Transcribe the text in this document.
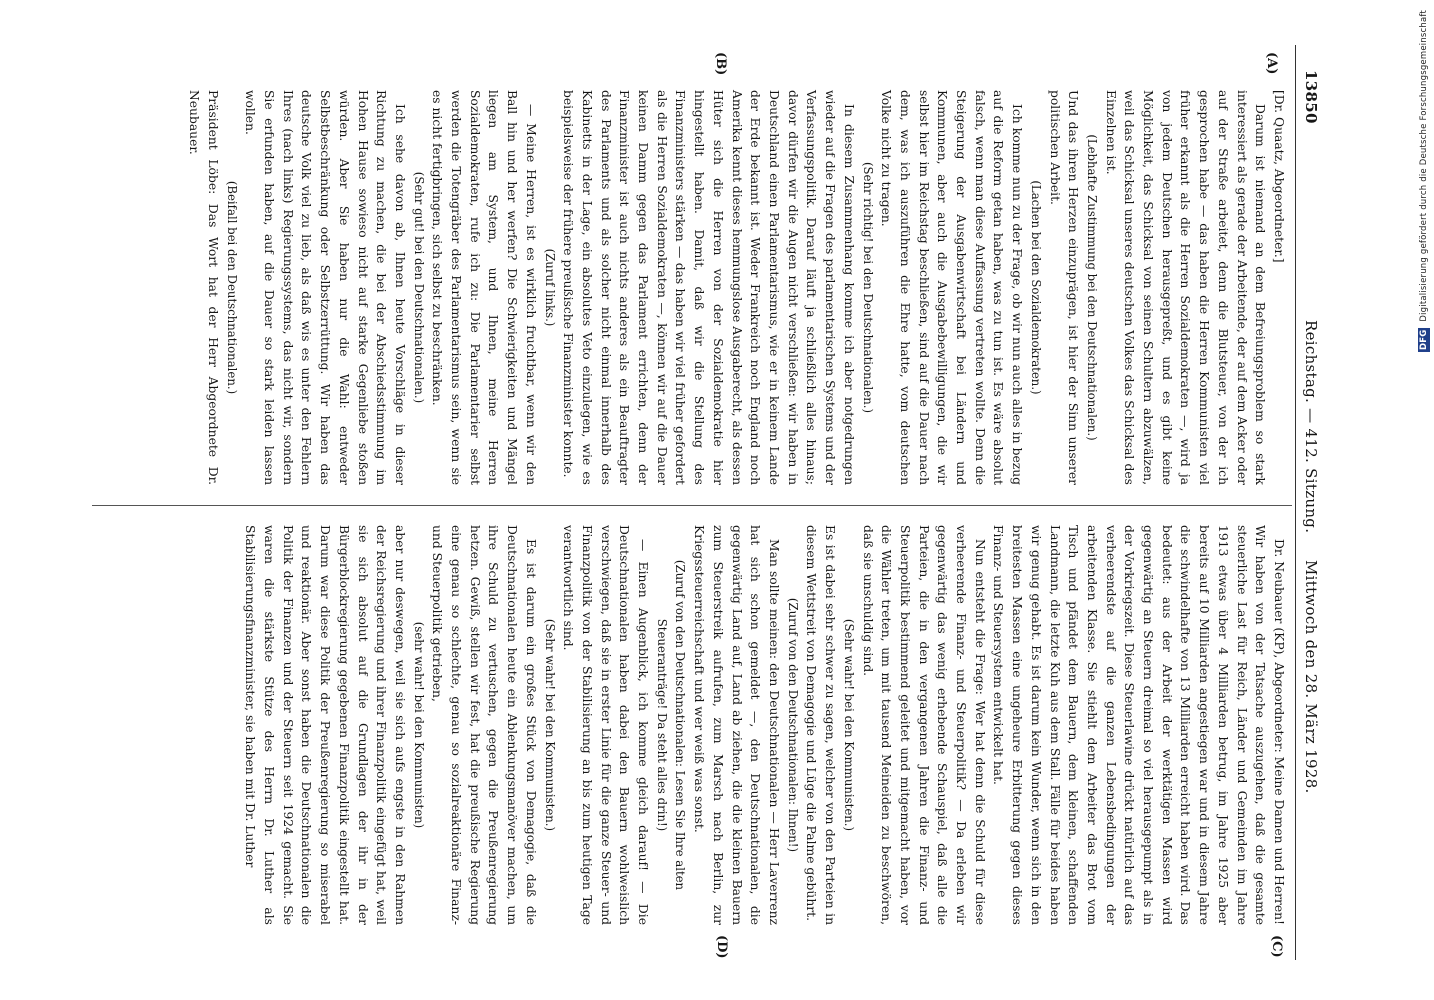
13850
Reichstag. — 412. Sitzung.
Mittwoch den 28. März 1928.
(A)
(B)
(C)
(D)

[Dr. Quaatz, Abgeordneter.]

Darum ist niemand an dem Befreiungsproblem so stark interessiert als gerade der Arbeitende, der auf dem Acker oder auf der Straße arbeitet, denn die Blutsteuer, von der ich gesprochen habe — das haben die Herren Kommunisten viel früher erkannt als die Herren Sozialdemokraten —, wird ja von jedem Deutschen herausgepreßt, und es gibt keine Möglichkeit, das Schicksal von seinen Schultern abzuwälzen, weil das Schicksal unseres deutschen Volkes das Schicksal des Einzelnen ist.

(Lebhafte Zustimmung bei den Deutschnationalen.)

Und das ihren Herzen einzuprägen, ist hier der Sinn unserer politischen Arbeit.

(Lachen bei den Sozialdemokraten.)

Ich komme nun zu der Frage, ob wir nun auch alles in bezug auf die Reform getan haben, was zu tun ist. Es wäre absolut falsch, wenn man diese Auffassung vertreten wollte. Denn die Steigerung der Ausgabenwirtschaft bei Ländern und Kommunen, aber auch die Ausgabebewilligungen, die wir selbst hier im Reichstag beschließen, sind auf die Dauer nach dem, was ich auszuführen die Ehre hatte, vom deutschen Volke nicht zu tragen.

(Sehr richtig! bei den Deutschnationalen.)

In diesem Zusammenhang komme ich aber notgedrungen wieder auf die Fragen des parlamentarischen Systems und der Verfassungspolitik. Darauf läuft ja schließlich alles hinaus; davor dürfen wir die Augen nicht verschließen: wir haben in Deutschland einen Parlamentarismus, wie er in keinem Lande der Erde bekannt ist. Weder Frankreich noch England noch Amerika kennt dieses hemmungslose Ausgaberecht, als dessen Hüter sich die Herren von der Sozialdemokratie hier hingestellt haben. Damit, daß wir die Stellung des Finanzministers stärken — das haben wir viel früher gefordert als die Herren Sozialdemokraten —, können wir auf die Dauer keinen Damm gegen das Parlament errichten, denn der Finanzminister ist auch nichts anderes als ein Beauftragter des Parlaments und als solcher nicht einmal innerhalb des Kabinetts in der Lage, ein absolutes Veto einzulegen, wie es beispielsweise der frühere preußische Finanzminister konnte.

(Zuruf links.)

— Meine Herren, ist es wirklich fruchtbar, wenn wir den Ball hin und her werfen? Die Schwierigkeiten und Mängel liegen am System, und Ihnen, meine Herren Sozialdemokraten, rufe ich zu: Die Parlamentarier selbst werden die Totengräber des Parlamentarismus sein, wenn sie es nicht fertigbringen, sich selbst zu beschränken.

(Sehr gut! bei den Deutschnationalen.)

Ich sehe davon ab, Ihnen heute Vorschläge in dieser Richtung zu machen, die bei der Abschiedsstimmung im Hohen Hause sowieso nicht auf starke Gegenliebe stoßen würden. Aber Sie haben nur die Wahl: entweder Selbstbeschränkung oder Selbstzerrüttung. Wir haben das deutsche Volk viel zu lieb, als daß wis es unter den Fehlern Ihres (nach links) Regierungssystems, das nicht wir, sondern Sie erfunden haben, auf die Dauer so stark leiden lassen wollen.

(Beifall bei den Deutschnationalen.)

Präsident Löbe: Das Wort hat der Herr Abgeordnete Dr. Neubauer.

Dr. Neubauer (KP), Abgeordneter: Meine Damen und Herren! Wir haben von der Tatsache auszugehen, daß die gesamte steuerliche Last für Reich, Länder und Gemeinden im Jahre 1913 etwas über 4 Milliarden betrug, im Jahre 1925 aber bereits auf 10 Milliarden angestiegen war und in diesem Jahre die schwindelhafte von 13 Milliarden erreicht haben wird. Das bedeutet: aus der Arbeit der werktätigen Massen wird gegenwärtig an Steuern dreimal so viel herausgepumpt als in der Vorkriegszeit. Diese Steuerlawine drückt natürlich auf das verheerendste auf die ganzen Lebensbedingungen der arbeitenden Klasse. Sie stiehlt dem Arbeiter das Brot vom Tisch und pfändet dem Bauern, dem kleinen, schaffenden Landmann, die letzte Kuh aus dem Stall. Fälle für beides haben wir genug gehabt. Es ist darum kein Wunder, wenn sich in den breitesten Massen eine ungeheure Erbitterung gegen dieses Finanz- und Steuersystem entwickelt hat.

Nun entsteht die Frage: Wer hat denn die Schuld für diese verheerende Finanz- und Steuerpolitik? — Da erleben wir gegenwärtig das wenig erhebende Schauspiel, daß alle die Parteien, die in den vergangenen Jahren die Finanz- und Steuerpolitik bestimmend geleitet und mitgemacht haben, vor die Wähler treten, um mit tausend Meineiden zu beschwören, daß sie unschuldig sind.

(Sehr wahr! bei den Kommunisten.)

Es ist dabei sehr schwer zu sagen, welcher von den Parteien in diesem Wettstreit von Demagogie und Lüge die Palme gebührt.

(Zuruf von den Deutschnationalen: Ihnen!)

Man sollte meinen: den Deutschnationalen — Herr Laverrenz hat sich schon gemeldet —, den Deutschnationalen, die gegenwärtig Land auf, Land ab ziehen, die die kleinen Bauern zum Steuerstreik aufrufen, zum Marsch nach Berlin, zur Kriegssteuerreichschaft und wer weiß was sonst.

(Zuruf von den Deutschnationalen: Lesen Sie Ihre alten Steueranträge! Da steht alles drin!)

— Einen Augenblick, ich komme gleich darauf! — Die Deutschnationalen haben dabei den Bauern wohlweislich verschwiegen, daß sie in erster Linie für die ganze Steuer- und Finanzpolitik von der Stabilisierung an bis zum heutigen Tage verantwortlich sind.

(Sehr wahr! bei den Kommunisten.)

Es ist darum ein großes Stück von Demagogie, daß die Deutschnationalen heute ein Ablenkungsmanöver machen, um ihre Schuld zu vertuschen, gegen die Preußenregierung hetzen. Gewiß, stellen wir fest, hat die preußische Regierung eine genau so schlechte, genau so sozialreaktionäre Finanz- und Steuerpolitik getrieben,

(sehr wahr! bei den Kommunisten)

aber nur deswegen, weil sie sich aufs engste in den Rahmen der Reichsregierung und ihrer Finanzpolitik eingefügt hat, weil sie sich absolut auf die Grundlagen der ihr in der Bürgerblockregierung gegebenen Finanzpolitik eingestellt hat. Darum war diese Politik der Preußenregierung so miserabel und reaktionär. Aber sonst haben die Deutschnationalen die Politik der Finanzen und der Steuern seit 1924 gemacht. Sie waren die stärkste Stütze des Herrn Dr. Luther als Stabilisierungsfinanzminister, sie haben mit Dr. Luther

DFG Digitalisierung gefördert durch die Deutsche Forschungsgemeinschaft
